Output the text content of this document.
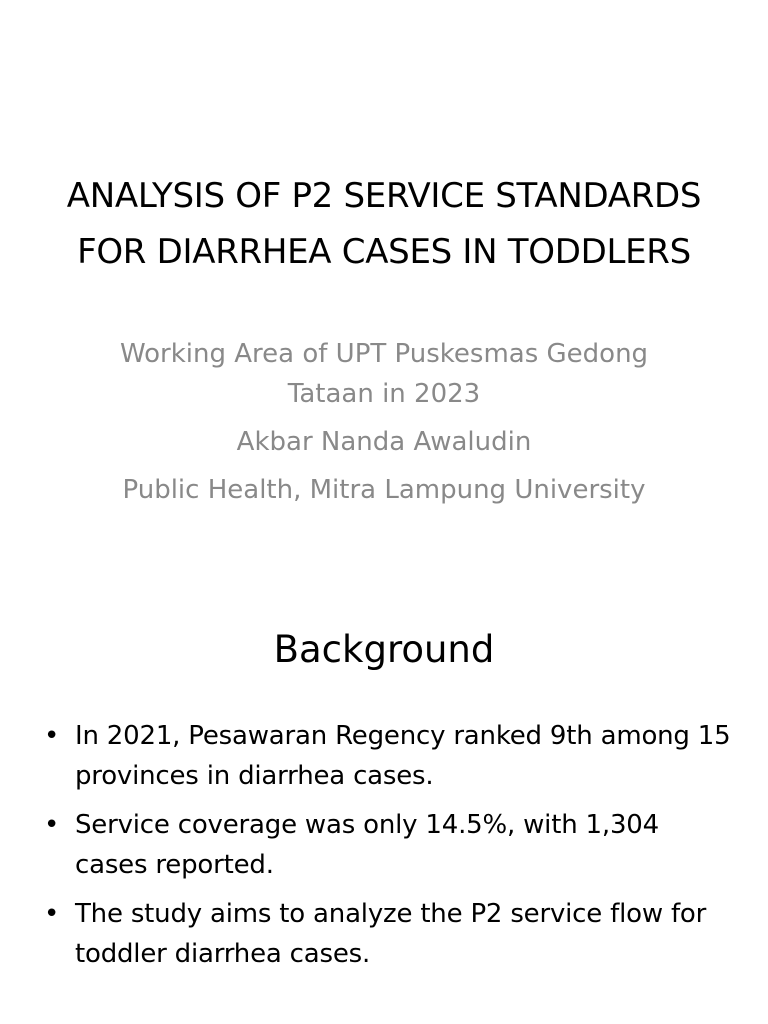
ANALYSIS OF P2 SERVICE STANDARDS FOR DIARRHEA CASES IN TODDLERS

Working Area of UPT Puskesmas Gedong Tataan in 2023

Akbar Nanda Awaludin

Public Health, Mitra Lampung University

Background
• In 2021, Pesawaran Regency ranked 9th among 15 provinces in diarrhea cases.
• Service coverage was only 14.5%, with 1,304 cases reported.
• The study aims to analyze the P2 service flow for toddler diarrhea cases.
